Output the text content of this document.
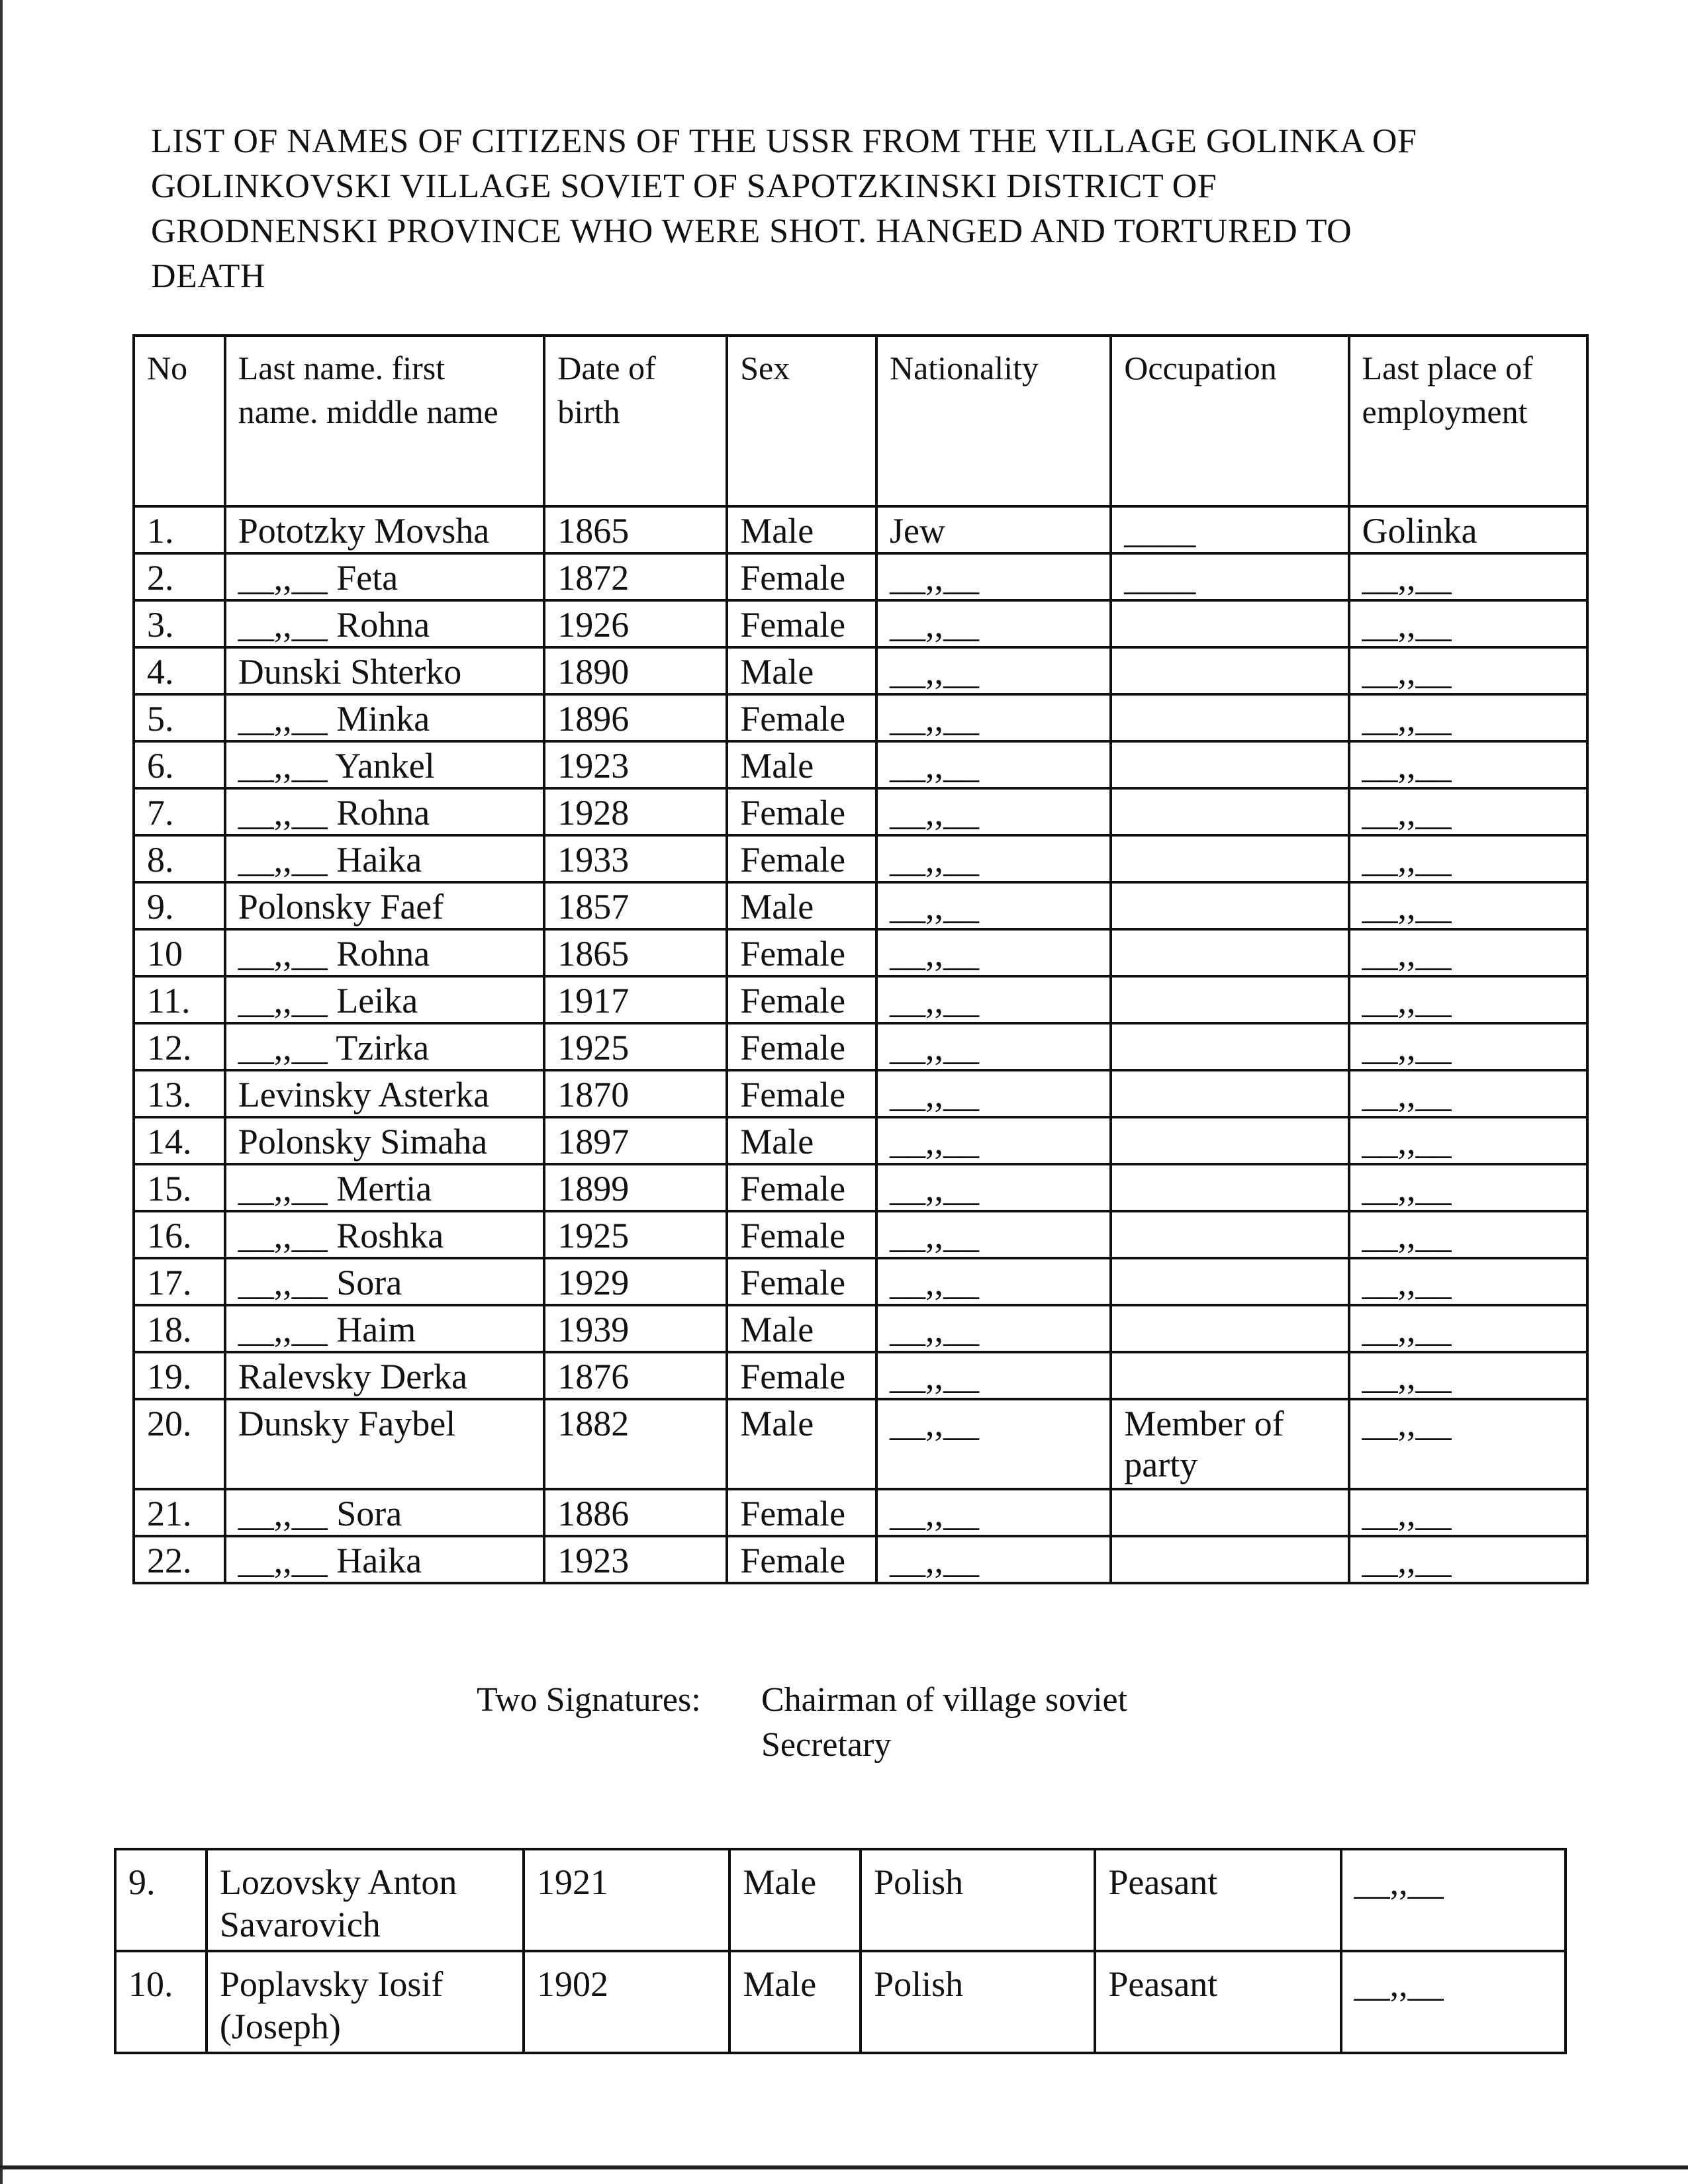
LIST OF NAMES OF CITIZENS OF THE USSR FROM THE VILLAGE GOLINKA OF
GOLINKOVSKI VILLAGE SOVIET OF SAPOTZKINSKI DISTRICT OF
GRODNENSKI PROVINCE WHO WERE SHOT. HANGED AND TORTURED TO
DEATH
No	Last name. first name. middle name	Date of birth	Sex	Nationality	Occupation	Last place of employment
1.	Pototzky Movsha	1865	Male	Jew	____	Golinka
2.	__,,__ Feta	1872	Female	__,,__	____	__,,__
3.	__,,__ Rohna	1926	Female	__,,__		__,,__
4.	Dunski Shterko	1890	Male	__,,__		__,,__
5.	__,,__ Minka	1896	Female	__,,__		__,,__
6.	__,,__ Yankel	1923	Male	__,,__		__,,__
7.	__,,__ Rohna	1928	Female	__,,__		__,,__
8.	__,,__ Haika	1933	Female	__,,__		__,,__
9.	Polonsky Faef	1857	Male	__,,__		__,,__
10	__,,__ Rohna	1865	Female	__,,__		__,,__
11.	__,,__ Leika	1917	Female	__,,__		__,,__
12.	__,,__ Tzirka	1925	Female	__,,__		__,,__
13.	Levinsky Asterka	1870	Female	__,,__		__,,__
14.	Polonsky Simaha	1897	Male	__,,__		__,,__
15.	__,,__ Mertia	1899	Female	__,,__		__,,__
16.	__,,__ Roshka	1925	Female	__,,__		__,,__
17.	__,,__ Sora	1929	Female	__,,__		__,,__
18.	__,,__ Haim	1939	Male	__,,__		__,,__
19.	Ralevsky Derka	1876	Female	__,,__		__,,__
20.	Dunsky Faybel	1882	Male	__,,__	Member of party	__,,__
21.	__,,__ Sora	1886	Female	__,,__		__,,__
22.	__,,__ Haika	1923	Female	__,,__		__,,__
Two Signatures: Chairman of village soviet
Secretary
9.	Lozovsky Anton Savarovich	1921	Male	Polish	Peasant	__,,__
10.	Poplavsky Iosif (Joseph)	1902	Male	Polish	Peasant	__,,__
